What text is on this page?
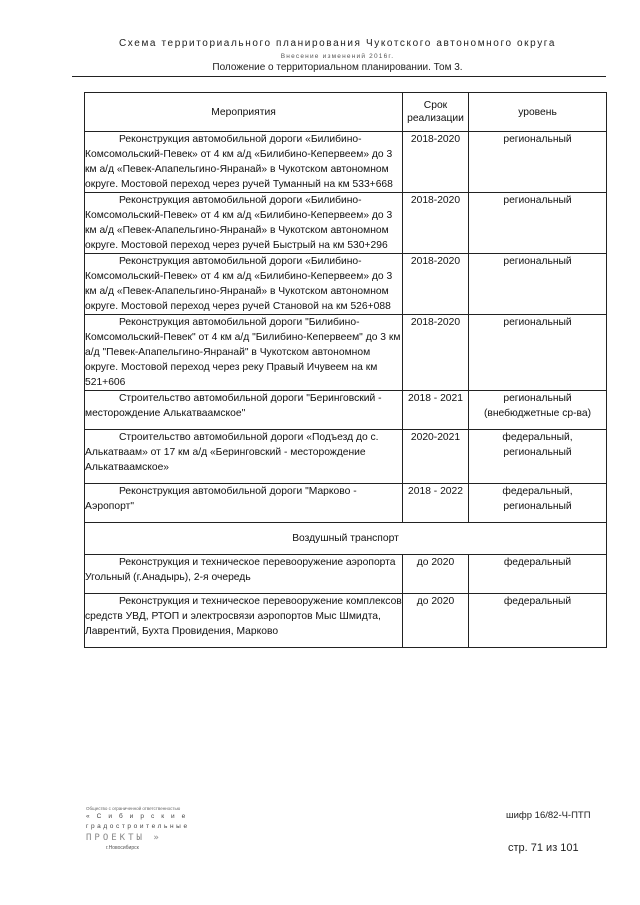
Схема территориального планирования Чукотского автономного округа
Внесение изменений 2016г.
Положение о территориальном планировании. Том 3.
Мероприятия	Срок реализации	уровень

Реконструкция автомобильной дороги «Билибино-Комсомольский-Певек» от 4 км а/д «Билибино-Кепервеем» до 3 км а/д «Певек-Апапельгино-Янранай» в Чукотском автономном округе. Мостовой переход через ручей Туманный на км 533+668	2018-2020	региональный

Реконструкция автомобильной дороги «Билибино-Комсомольский-Певек» от 4 км а/д «Билибино-Кепервеем» до 3 км а/д «Певек-Апапельгино-Янранай» в Чукотском автономном округе. Мостовой переход через ручей Быстрый на км 530+296	2018-2020	региональный

Реконструкция автомобильной дороги «Билибино-Комсомольский-Певек» от 4 км а/д «Билибино-Кепервеем» до 3 км а/д «Певек-Апапельгино-Янранай» в Чукотском автономном округе. Мостовой переход через ручей Становой на км 526+088	2018-2020	региональный

Реконструкция автомобильной дороги "Билибино-Комсомольский-Певек" от 4 км а/д "Билибино-Кепервеем" до 3 км а/д "Певек-Апапельгино-Янранай" в Чукотском автономном округе. Мостовой переход через реку Правый Ичувеем на км 521+606	2018-2020	региональный

Строительство автомобильной дороги "Беринговский - месторождение Алькатваамское"	2018 - 2021	региональный (внебюджетные ср-ва)

Строительство автомобильной дороги «Подъезд до с. Алькатваам» от 17 км а/д «Беринговский - месторождение Алькатваамское»	2020-2021	федеральный, региональный

Реконструкция автомобильной дороги "Марково - Аэропорт"	2018 - 2022	федеральный, региональный
Воздушный транспорт		

Реконструкция и техническое перевооружение аэропорта Угольный (г.Анадырь), 2-я очередь	до 2020	федеральный

Реконструкция и техническое перевооружение комплексов средств УВД, РТОП и электросвязи аэропортов Мыс Шмидта, Лаврентий, Бухта Провидения, Марково	до 2020	федеральный
Общество с ограниченной ответственностью
« С и б и р с к и е
градостроительные
ПРОЕКТЫ »
г.Новосибирск
шифр 16/82-Ч-ПТП
стр. 71 из 101
